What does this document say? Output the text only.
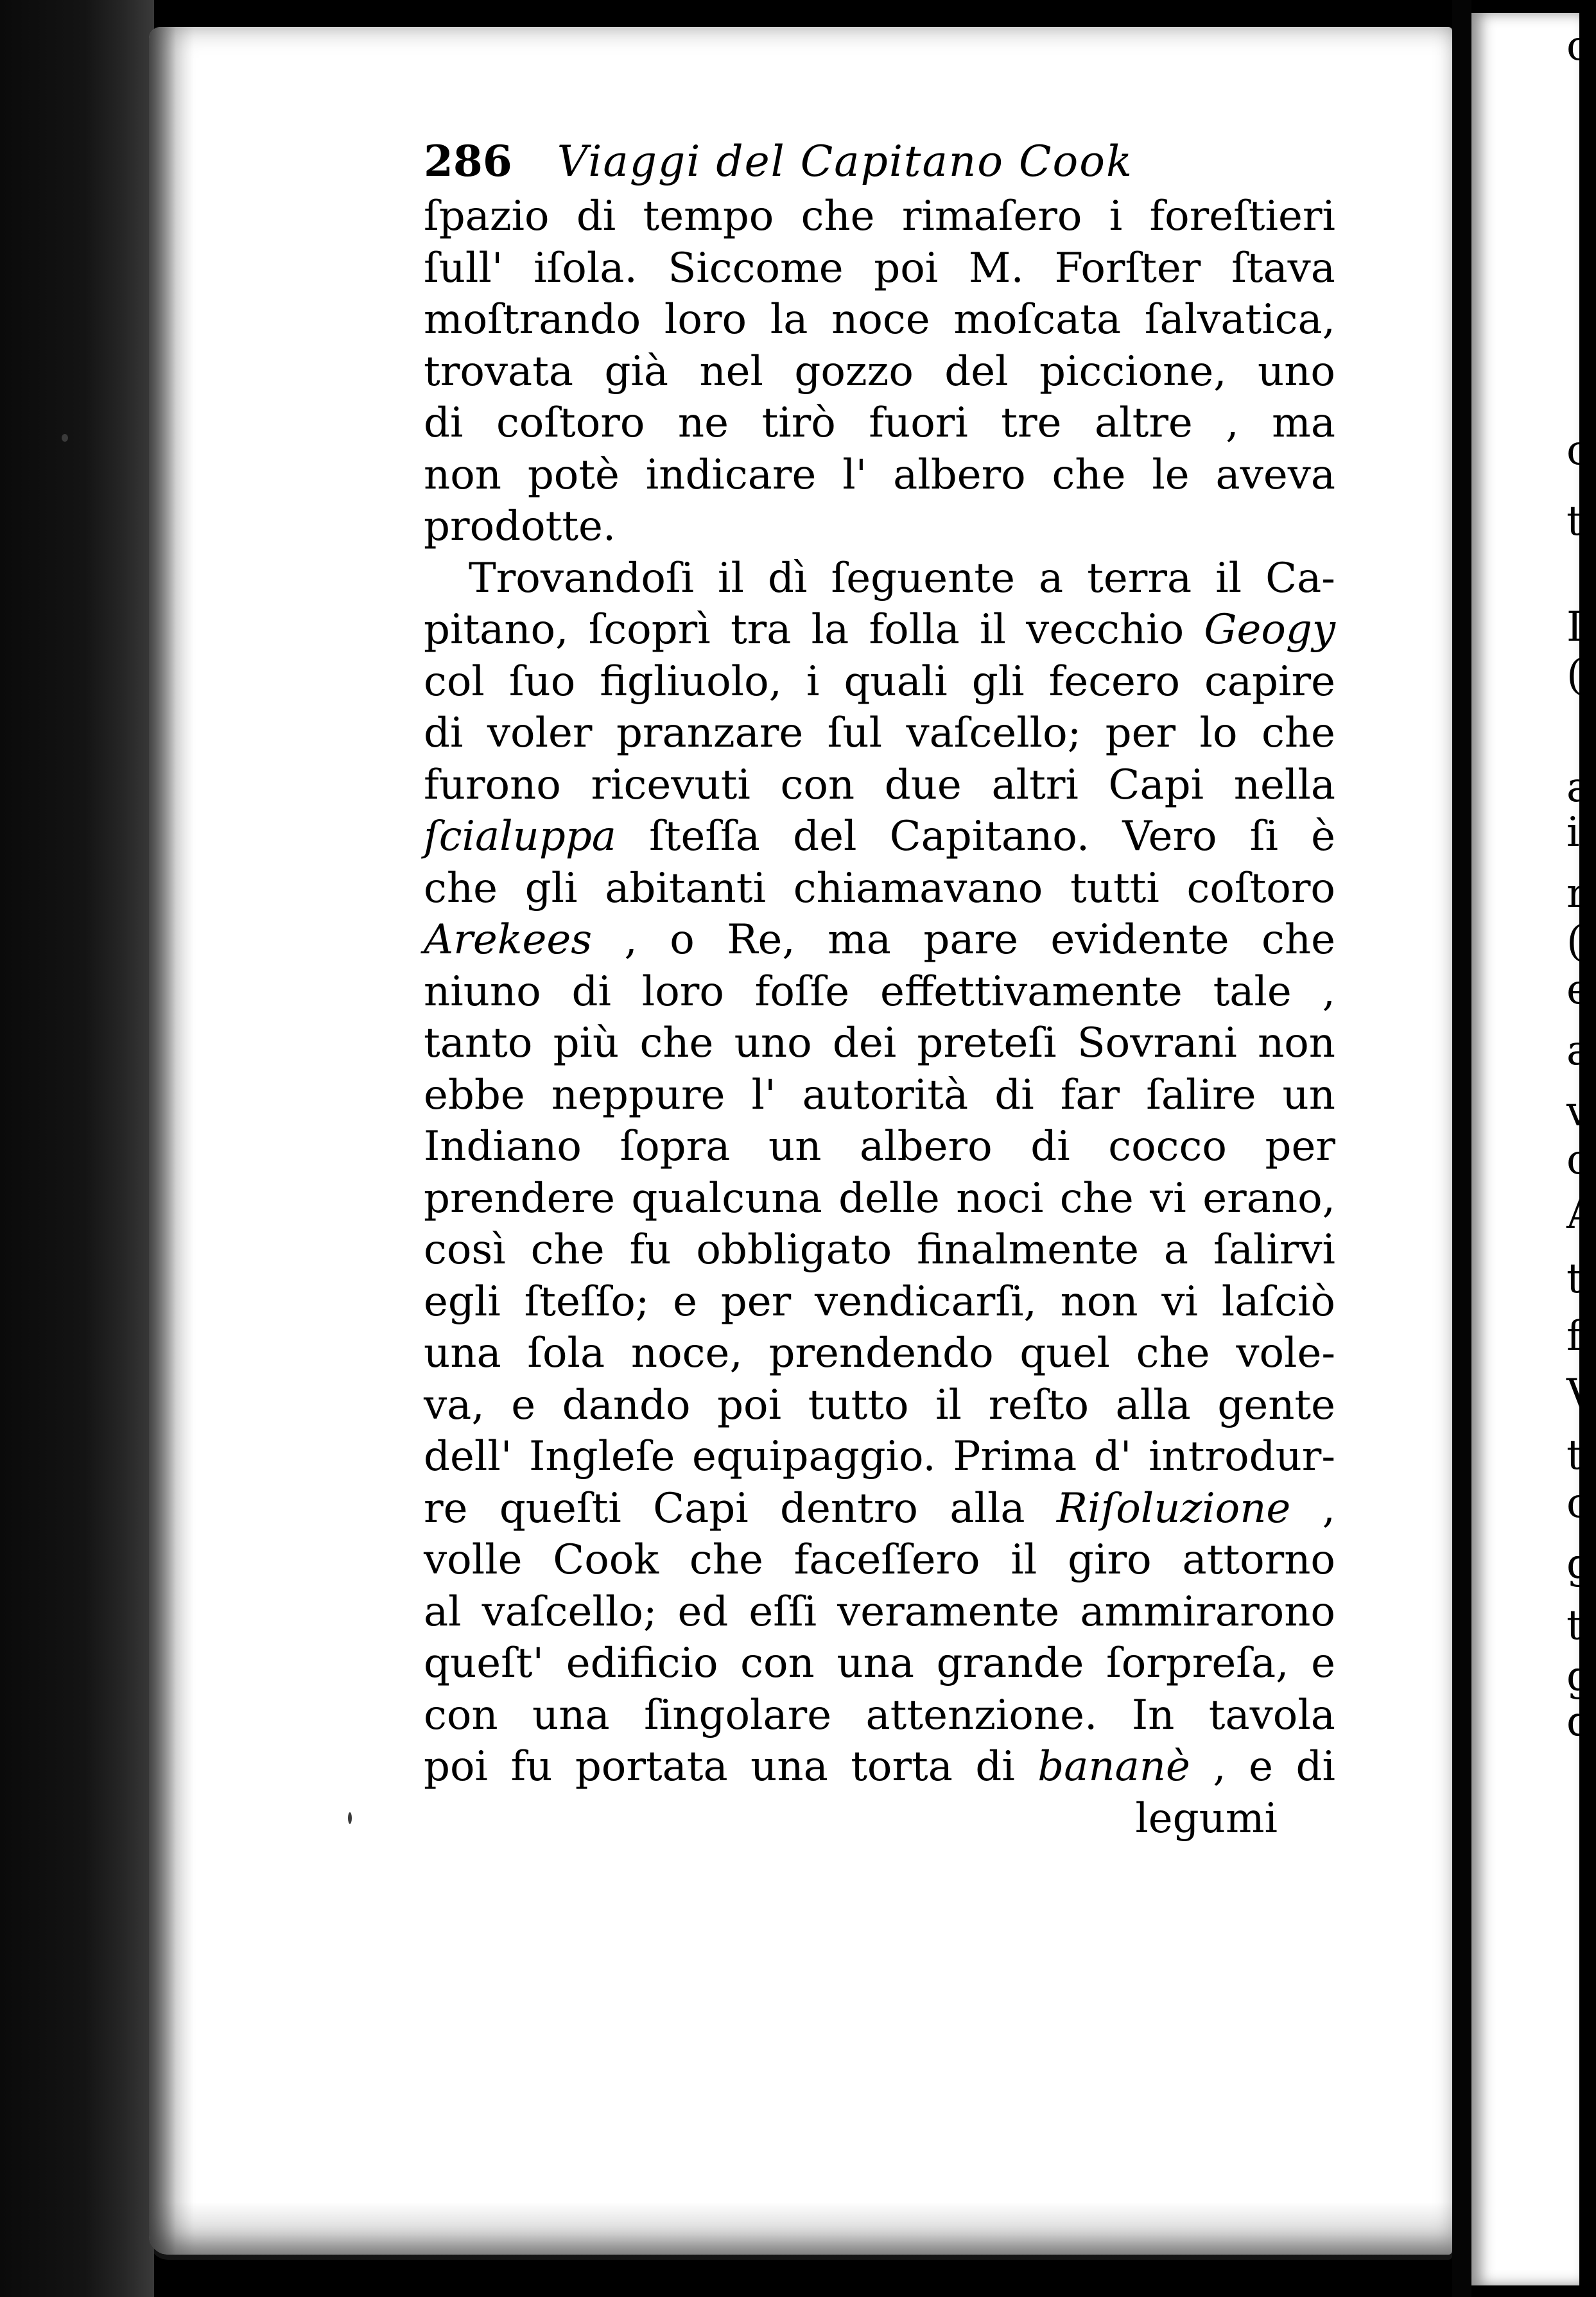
o
c
t
I
(
a
i
r
(
e
a
v
c
A
t
f
V
t
c
g
t
g
q
286 Viaggi del Capitano Cook
ſpazio di tempo che rimaſero i foreſtieri
ſull' iſola. Siccome poi M. Forſter ſtava
moſtrando loro la noce moſcata ſalvatica,
trovata già nel gozzo del piccione, uno
di coſtoro ne tirò fuori tre altre , ma
non potè indicare l' albero che le aveva
prodotte.
Trovandoſi il dì ſeguente a terra il Ca-
pitano, ſcoprì tra la folla il vecchio Geogy
col ſuo figliuolo, i quali gli fecero capire
di voler pranzare ſul vaſcello; per lo che
furono ricevuti con due altri Capi nella
ſcialuppa ſteſſa del Capitano. Vero ſi è
che gli abitanti chiamavano tutti coſtoro
Arekees , o Re, ma pare evidente che
niuno di loro foſſe effettivamente tale ,
tanto più che uno dei preteſi Sovrani non
ebbe neppure l' autorità di far ſalire un
Indiano ſopra un albero di cocco per
prendere qualcuna delle noci che vi erano,
così che fu obbligato finalmente a ſalirvi
egli ſteſſo; e per vendicarſi, non vi laſciò
una ſola noce, prendendo quel che vole-
va, e dando poi tutto il reſto alla gente
dell' Ingleſe equipaggio. Prima d' introdur-
re queſti Capi dentro alla Riſoluzione ,
volle Cook che faceſſero il giro attorno
al vaſcello; ed eſſi veramente ammirarono
queſt' edificio con una grande ſorpreſa, e
con una ſingolare attenzione. In tavola
poi fu portata una torta di bananè , e di
legumi
